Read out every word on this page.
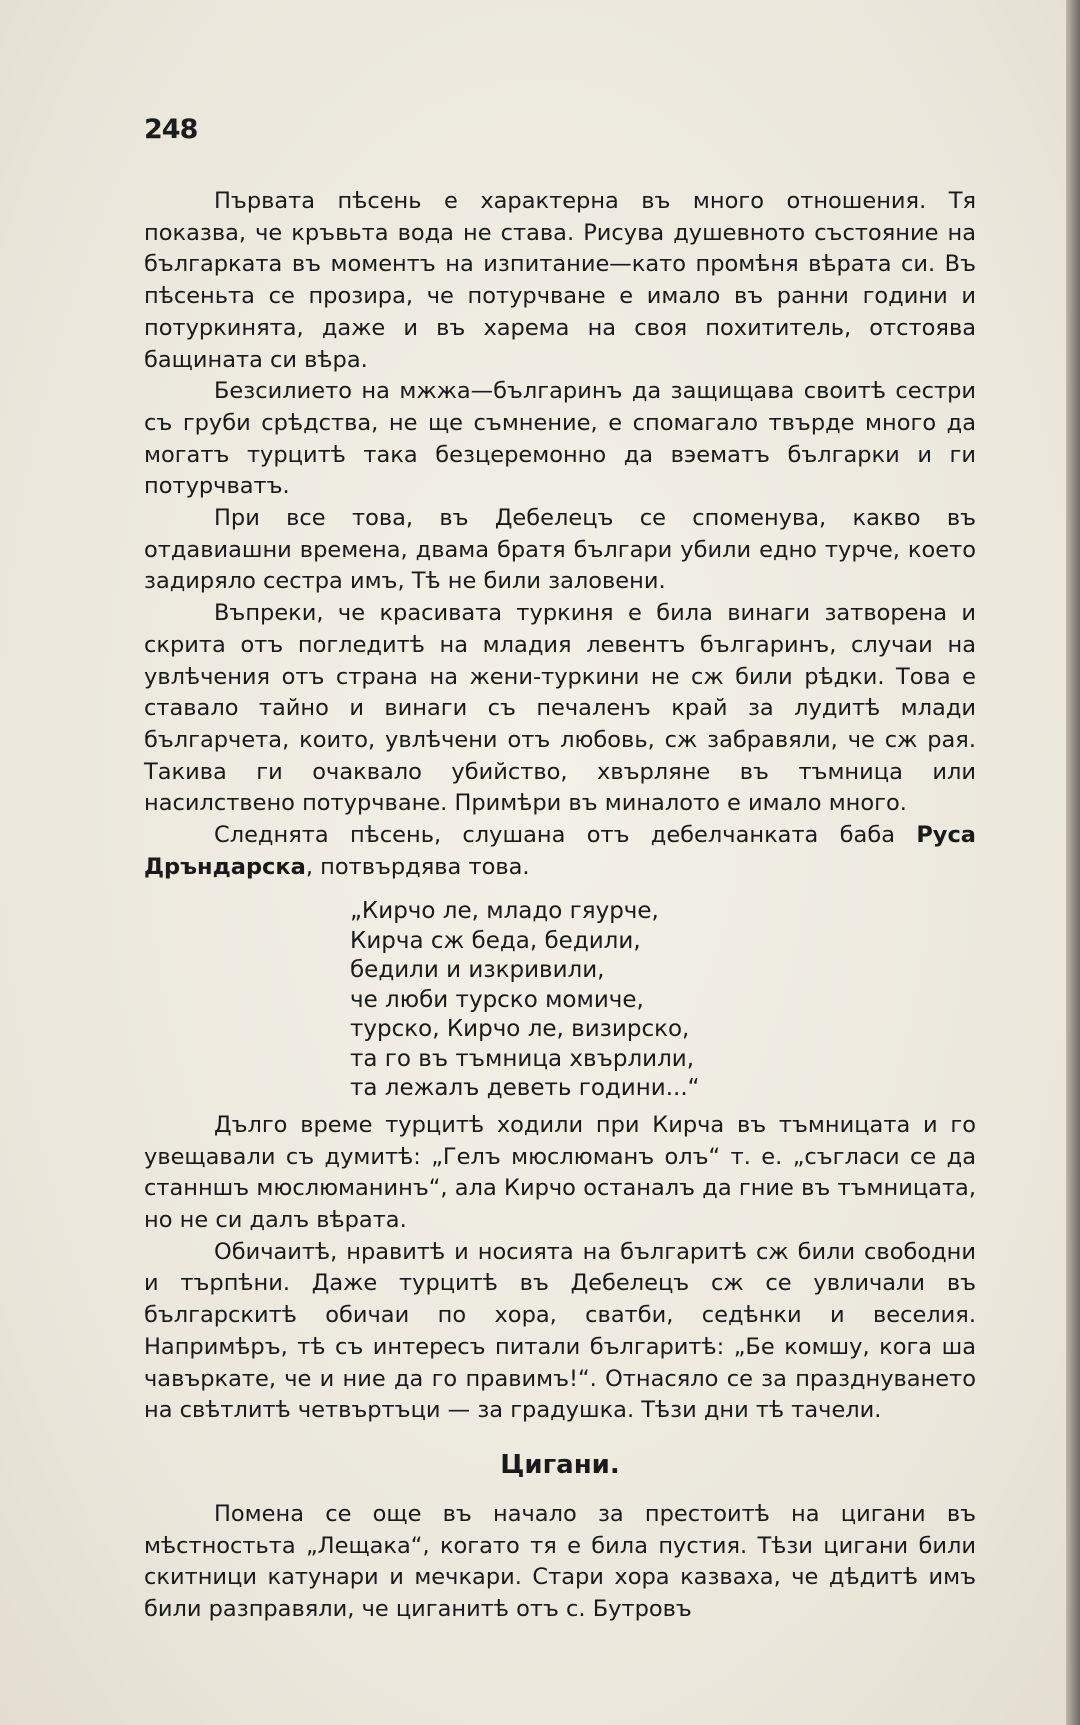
248

Първата пѣсень е характерна въ много отношения. Тя показва, че кръвьта вода не става. Рисува душевното състояние на българката въ моментъ на изпитание—като промѣня вѣрата си. Въ пѣсеньта се прозира, че потурчване е имало въ ранни години и потуркинята, даже и въ харема на своя похититель, отстоява бащината си вѣра.

Безсилието на мжжа—българинъ да защищава своитѣ сестри съ груби срѣдства, не ще съмнение, е спомагало твърде много да могатъ турцитѣ така безцеремонно да вэематъ българки и ги потурчватъ.

При все това, въ Дебелецъ се споменува, какво въ отдавиашни времена, двама братя българи убили едно турче, което задиряло сестра имъ, Тѣ не били заловени.

Въпреки, че красивата туркиня е била винаги затворена и скрита отъ погледитѣ на младия левентъ българинъ, случаи на увлѣчения отъ страна на жени-туркини не сж били рѣдки. Това е ставало тайно и винаги съ печаленъ край за лудитѣ млади българчета, които, увлѣчени отъ любовь, сж забравяли, че сж рая. Такива ги очаквало убийство, хвърляне въ тъмница или насилствено потурчване. Примѣри въ миналото е имало много.

Следнята пѣсень, слушана отъ дебелчанката баба Руса Дръндарска, потвърдява това.

„Кирчо ле, младо гяурче,
Кирча сж беда, бедили,
бедили и изкривили,
че люби турско момиче,
турско, Кирчо ле, визирско,
та го въ тъмница хвърлили,
та лежалъ деветь години...“

Дълго време турцитѣ ходили при Кирча въ тъмницата и го увещавали съ думитѣ: „Гелъ мюслюманъ олъ“ т. е. „съгласи се да станншъ мюслюманинъ“, ала Кирчо останалъ да гние въ тъмницата, но не си далъ вѣрата.

Обичаитѣ, нравитѣ и носията на българитѣ сж били свободни и търпѣни. Даже турцитѣ въ Дебелецъ сж се увличали въ българскитѣ обичаи по хора, сватби, седѣнки и веселия. Напримѣръ, тѣ съ интересъ питали българитѣ: „Бе комшу, кога ша чавъркате, че и ние да го правимъ!“. Отнасяло се за празднуването на свѣтлитѣ четвъртъци — за градушка. Тѣзи дни тѣ тачели.

Цигани.

Помена се още въ начало за престоитѣ на цигани въ мѣстностьта „Лещака“, когато тя е била пустия. Тѣзи цигани били скитници катунари и мечкари. Стари хора казваха, че дѣдитѣ имъ били разправяли, че циганитѣ отъ с. Бутровъ
